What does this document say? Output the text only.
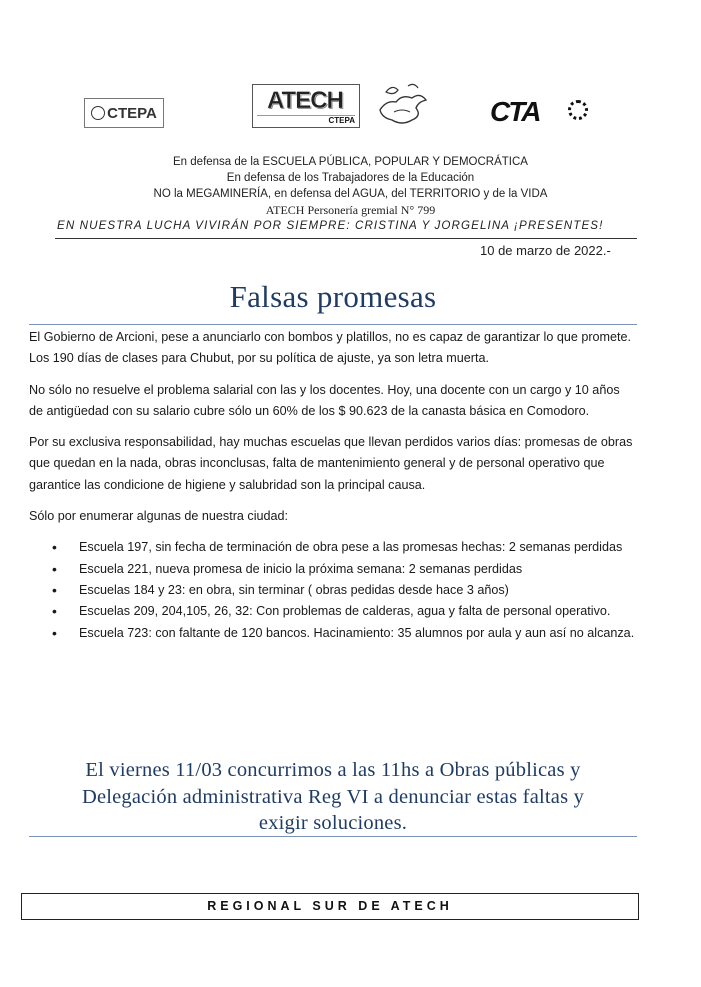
CTEPA	ATECH
CTEPA	CTA
En defensa de la ESCUELA PÚBLICA, POPULAR Y DEMOCRÁTICA
En defensa de los Trabajadores de la Educación
NO la MEGAMINERÍA, en defensa del AGUA, del TERRITORIO y de la VIDA
ATECH Personería gremial N° 799
EN NUESTRA LUCHA VIVIRÁN POR SIEMPRE: CRISTINA Y JORGELINA ¡PRESENTES!
10 de marzo de 2022.-
Falsas promesas

El Gobierno de Arcioni, pese a anunciarlo con bombos y platillos, no es capaz de garantizar lo que promete. Los 190 días de clases para Chubut, por su política de ajuste, ya son letra muerta.

No sólo no resuelve el problema salarial con las y los docentes. Hoy, una docente con un cargo y 10 años de antigüedad con su salario cubre sólo un 60% de los $ 90.623 de la canasta básica en Comodoro.

Por su exclusiva responsabilidad, hay muchas escuelas que llevan perdidos varios días: promesas de obras que quedan en la nada, obras inconclusas, falta de mantenimiento general y de personal operativo que garantice las condicione de higiene y salubridad son la principal causa.

Sólo por enumerar algunas de nuestra ciudad:

• Escuela 197, sin fecha de terminación de obra pese a las promesas hechas: 2 semanas perdidas
• Escuela 221, nueva promesa de inicio la próxima semana: 2 semanas perdidas
• Escuelas 184 y 23: en obra, sin terminar ( obras pedidas desde hace 3 años)
• Escuelas 209, 204,105, 26, 32: Con problemas de calderas, agua y falta de personal operativo.
• Escuela 723: con faltante de 120 bancos. Hacinamiento: 35 alumnos por aula y aun así no alcanza.
El viernes 11/03 concurrimos a las 11hs a Obras públicas y
Delegación administrativa Reg VI a denunciar estas faltas y
exigir soluciones.
REGIONAL SUR DE ATECH
